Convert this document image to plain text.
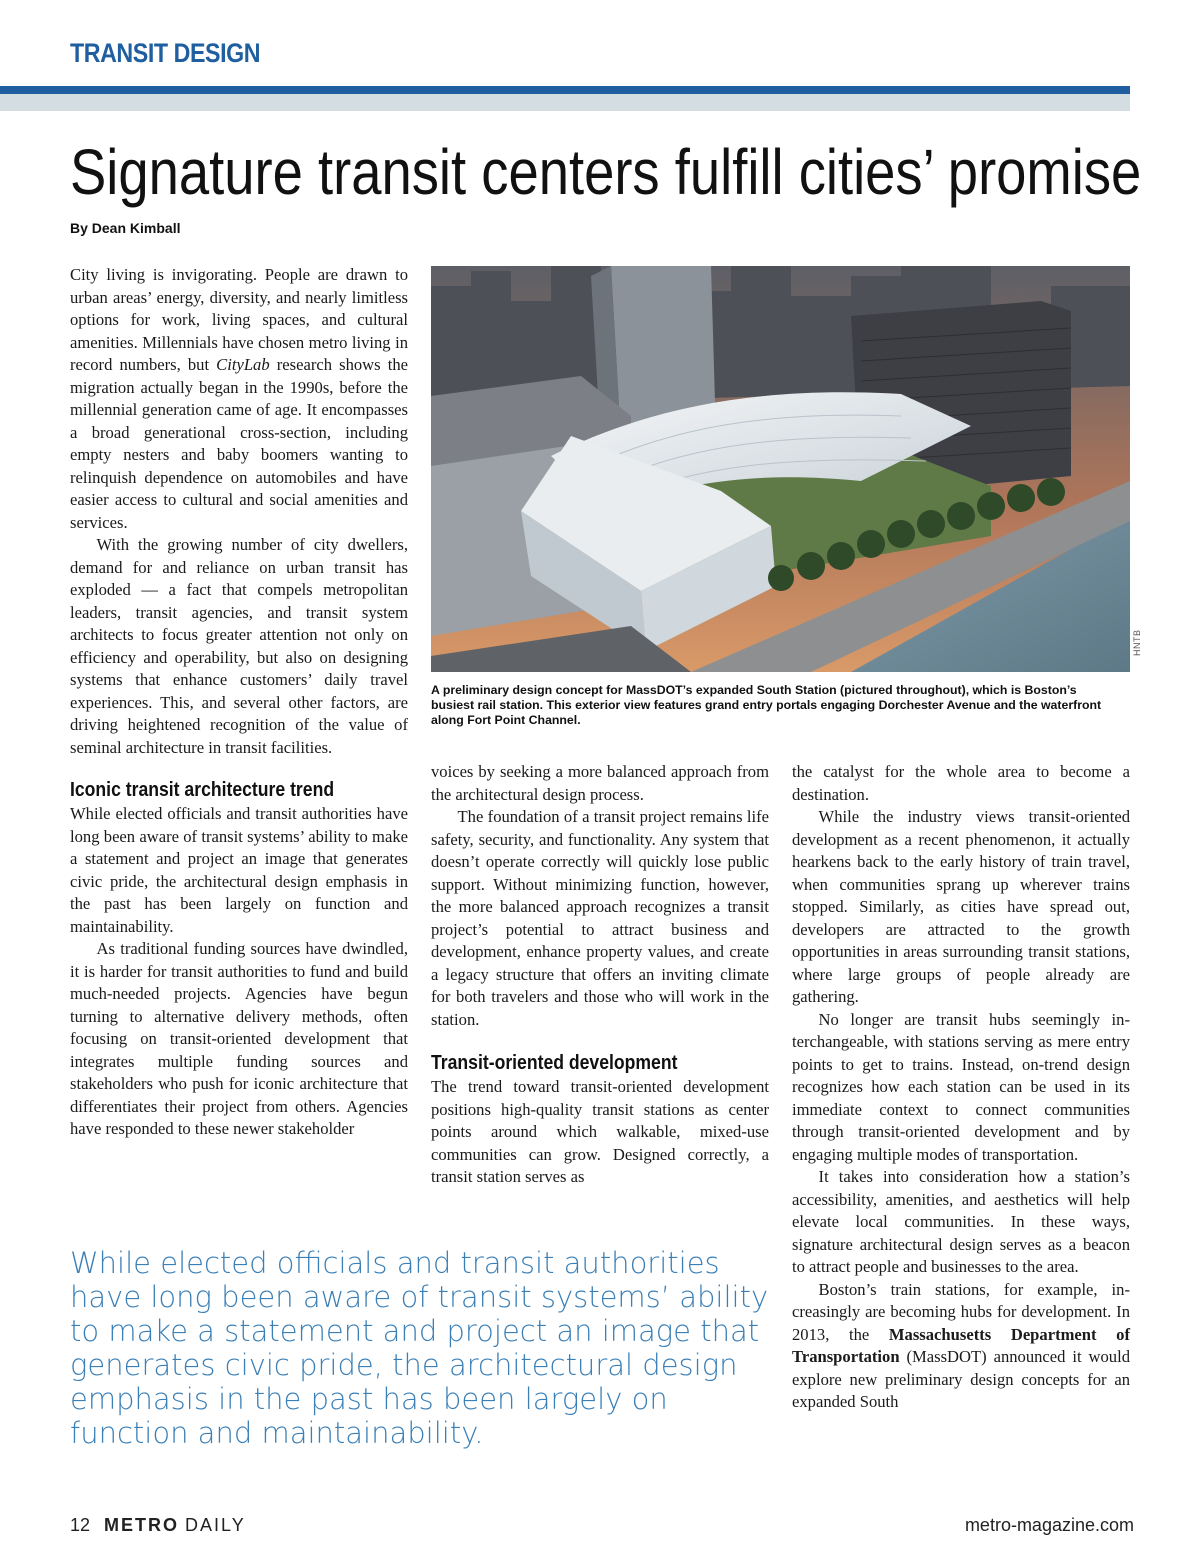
TRANSIT DESIGN
Signature transit centers fulfill cities’ promise
By Dean Kimball
HNTB
A preliminary design concept for MassDOT’s expanded South Station (pictured throughout), which is Boston’s busiest rail station. This exterior view features grand entry portals engaging Dorchester Avenue and the waterfront along Fort Point Channel.

City living is invigorating. People are drawn to urban areas’ energy, diversity, and nearly limitless options for work, living spaces, and cultural amenities. Millennials have chosen metro living in record numbers, but CityLab research shows the migration actually began in the 1990s, before the millennial generation came of age. It encompasses a broad generational cross-section, including empty nesters and baby boomers wanting to relinquish dependence on automobiles and have easier access to cultural and social amenities and services.

With the growing number of city dwellers, demand for and reliance on urban transit has exploded — a fact that compels metropolitan leaders, transit agencies, and transit system architects to focus greater attention not only on efficiency and operability, but also on designing systems that enhance customers’ daily travel experiences. This, and several other factors, are driving heightened recognition of the value of seminal architecture in transit facilities.

Iconic transit architecture trend

While elected officials and transit authorities have long been aware of transit systems’ ability to make a statement and project an image that generates civic pride, the architectural design emphasis in the past has been largely on function and maintainability.

As traditional funding sources have dwindled, it is harder for transit authorities to fund and build much-needed projects. Agencies have begun turning to alternative delivery methods, often focusing on transit-oriented development that integrates multiple funding sources and stakeholders who push for iconic architecture that differentiates their project from others. Agencies have responded to these newer stakeholder

voices by seeking a more balanced approach from the architectural design process.

The foundation of a transit project remains life safety, security, and functionality. Any system that doesn’t operate correctly will quickly lose public support. Without minimizing function, however, the more balanced approach recognizes a transit project’s potential to attract business and development, enhance property values, and create a legacy structure that offers an inviting climate for both travelers and those who will work in the station.

Transit-oriented development

The trend toward transit-oriented development positions high-quality transit stations as center points around which walkable, mixed-use communities can grow. Designed correctly, a transit station serves as

the catalyst for the whole area to become a destination.

While the industry views transit-oriented development as a recent phenomenon, it actually hearkens back to the early history of train travel, when communities sprang up wherever trains stopped. Similarly, as cities have spread out, developers are attracted to the growth opportunities in areas surrounding transit stations, where large groups of people already are gathering.

No longer are transit hubs seemingly interchangeable, with stations serving as mere entry points to get to trains. Instead, on-trend design recognizes how each station can be used in its immediate context to connect communities through transit-oriented development and by engaging multiple modes of transportation.

It takes into consideration how a station’s accessibility, amenities, and aesthetics will help elevate local communities. In these ways, signature architectural design serves as a beacon to attract people and businesses to the area.

Boston’s train stations, for example, increasingly are becoming hubs for development. In 2013, the Massachusetts Department of Transportation (MassDOT) announced it would explore new preliminary design concepts for an expanded South

While elected officials and transit authorities have long been aware of transit systems’ ability to make a statement and project an image that generates civic pride, the architectural design emphasis in the past has been largely on function and maintainability.
12 METRO DAILY	metro-magazine.com
